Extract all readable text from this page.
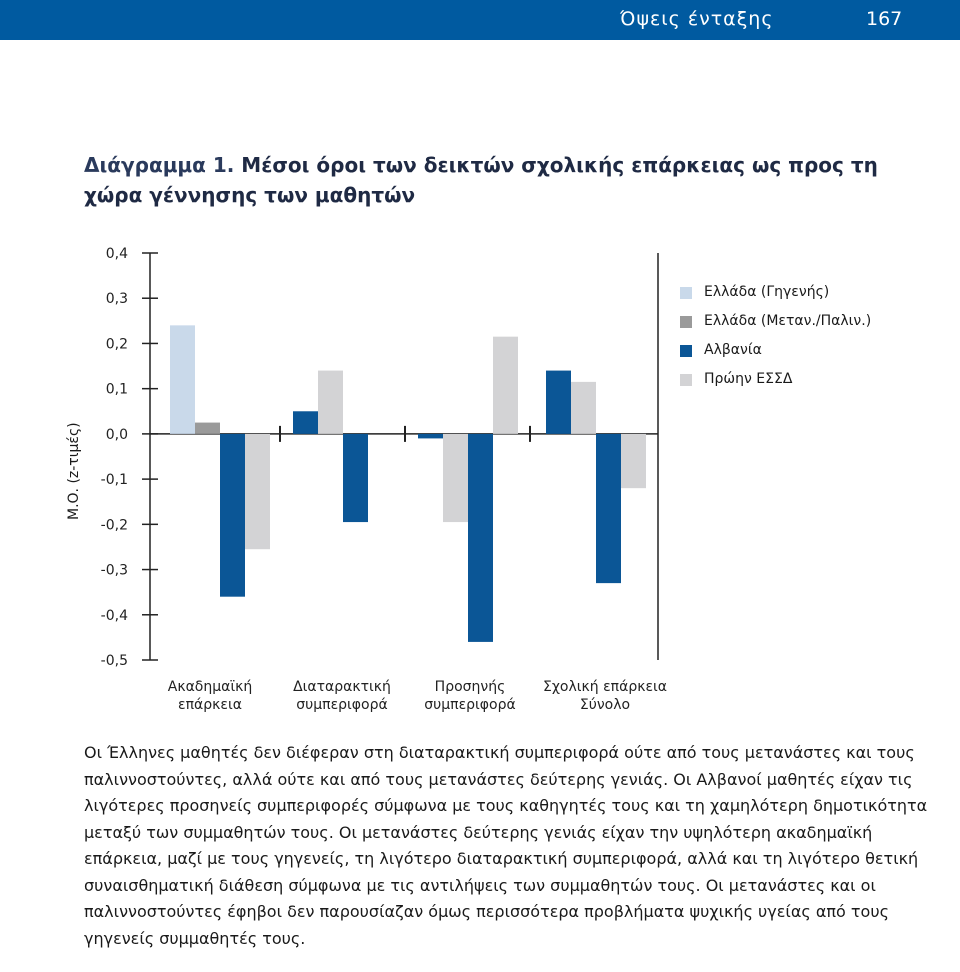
Όψεις ένταξης	167
Διάγραμμα 1. Μέσοι όροι των δεικτών σχολικής επάρκειας ως προς τη χώρα γέννησης των μαθητών
0,4
0,3
0,2
0,1
0,0
-0,1
-0,2
-0,3
-0,4
-0,5
Ακαδημαϊκή
επάρκεια
Διαταρακτική
συμπεριφορά
Προσηνής
συμπεριφορά
Σχολική επάρκεια
Σύνολο
Μ.Ο. (z-τιμές)
Ελλάδα (Γηγενής)
Ελλάδα (Μεταν./Παλιν.)
Αλβανία
Πρώην ΕΣΣΔ
Οι Έλληνες μαθητές δεν διέφεραν στη διαταρακτική συμπεριφορά ούτε από τους μετανάστες και τους παλιννοστούντες, αλλά ούτε και από τους μετανάστες δεύτερης γενιάς. Οι Αλβανοί μαθητές είχαν τις λιγότερες προσηνείς συμπεριφορές σύμφωνα με τους καθηγητές τους και τη χαμηλότερη δημοτικότητα μεταξύ των συμμαθητών τους. Οι μετανάστες δεύτερης γενιάς είχαν την υψηλότερη ακαδημαϊκή επάρκεια, μαζί με τους γηγενείς, τη λιγότερο διαταρακτική συμπεριφορά, αλλά και τη λιγότερο θετική συναισθηματική διάθεση σύμφωνα με τις αντιλήψεις των συμμαθητών τους. Οι μετανάστες και οι παλιννοστούντες έφηβοι δεν παρουσίαζαν όμως περισσότερα προβλήματα ψυχικής υγείας από τους γηγενείς συμμαθητές τους.
